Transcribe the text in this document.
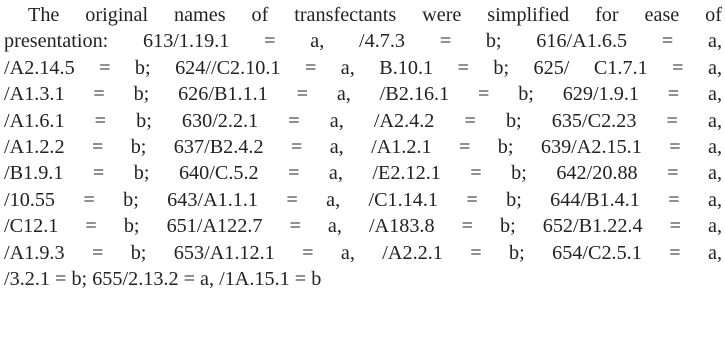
The original names of transfectants were simplified for ease of
presentation: 613/1.19.1 = a, /4.7.3 = b; 616/A1.6.5 = a,
/A2.14.5 = b; 624//C2.10.1 = a, B.10.1 = b; 625/ C1.7.1 = a,
/A1.3.1 = b; 626/B1.1.1 = a, /B2.16.1 = b; 629/1.9.1 = a,
/A1.6.1 = b; 630/2.2.1 = a, /A2.4.2 = b; 635/C2.23 = a,
/A1.2.2 = b; 637/B2.4.2 = a, /A1.2.1 = b; 639/A2.15.1 = a,
/B1.9.1 = b; 640/C.5.2 = a, /E2.12.1 = b; 642/20.88 = a,
/10.55 = b; 643/A1.1.1 = a, /C1.14.1 = b; 644/B1.4.1 = a,
/C12.1 = b; 651/A122.7 = a, /A183.8 = b; 652/B1.22.4 = a,
/A1.9.3 = b; 653/A1.12.1 = a, /A2.2.1 = b; 654/C2.5.1 = a,
/3.2.1 = b; 655/2.13.2 = a, /1A.15.1 = b
